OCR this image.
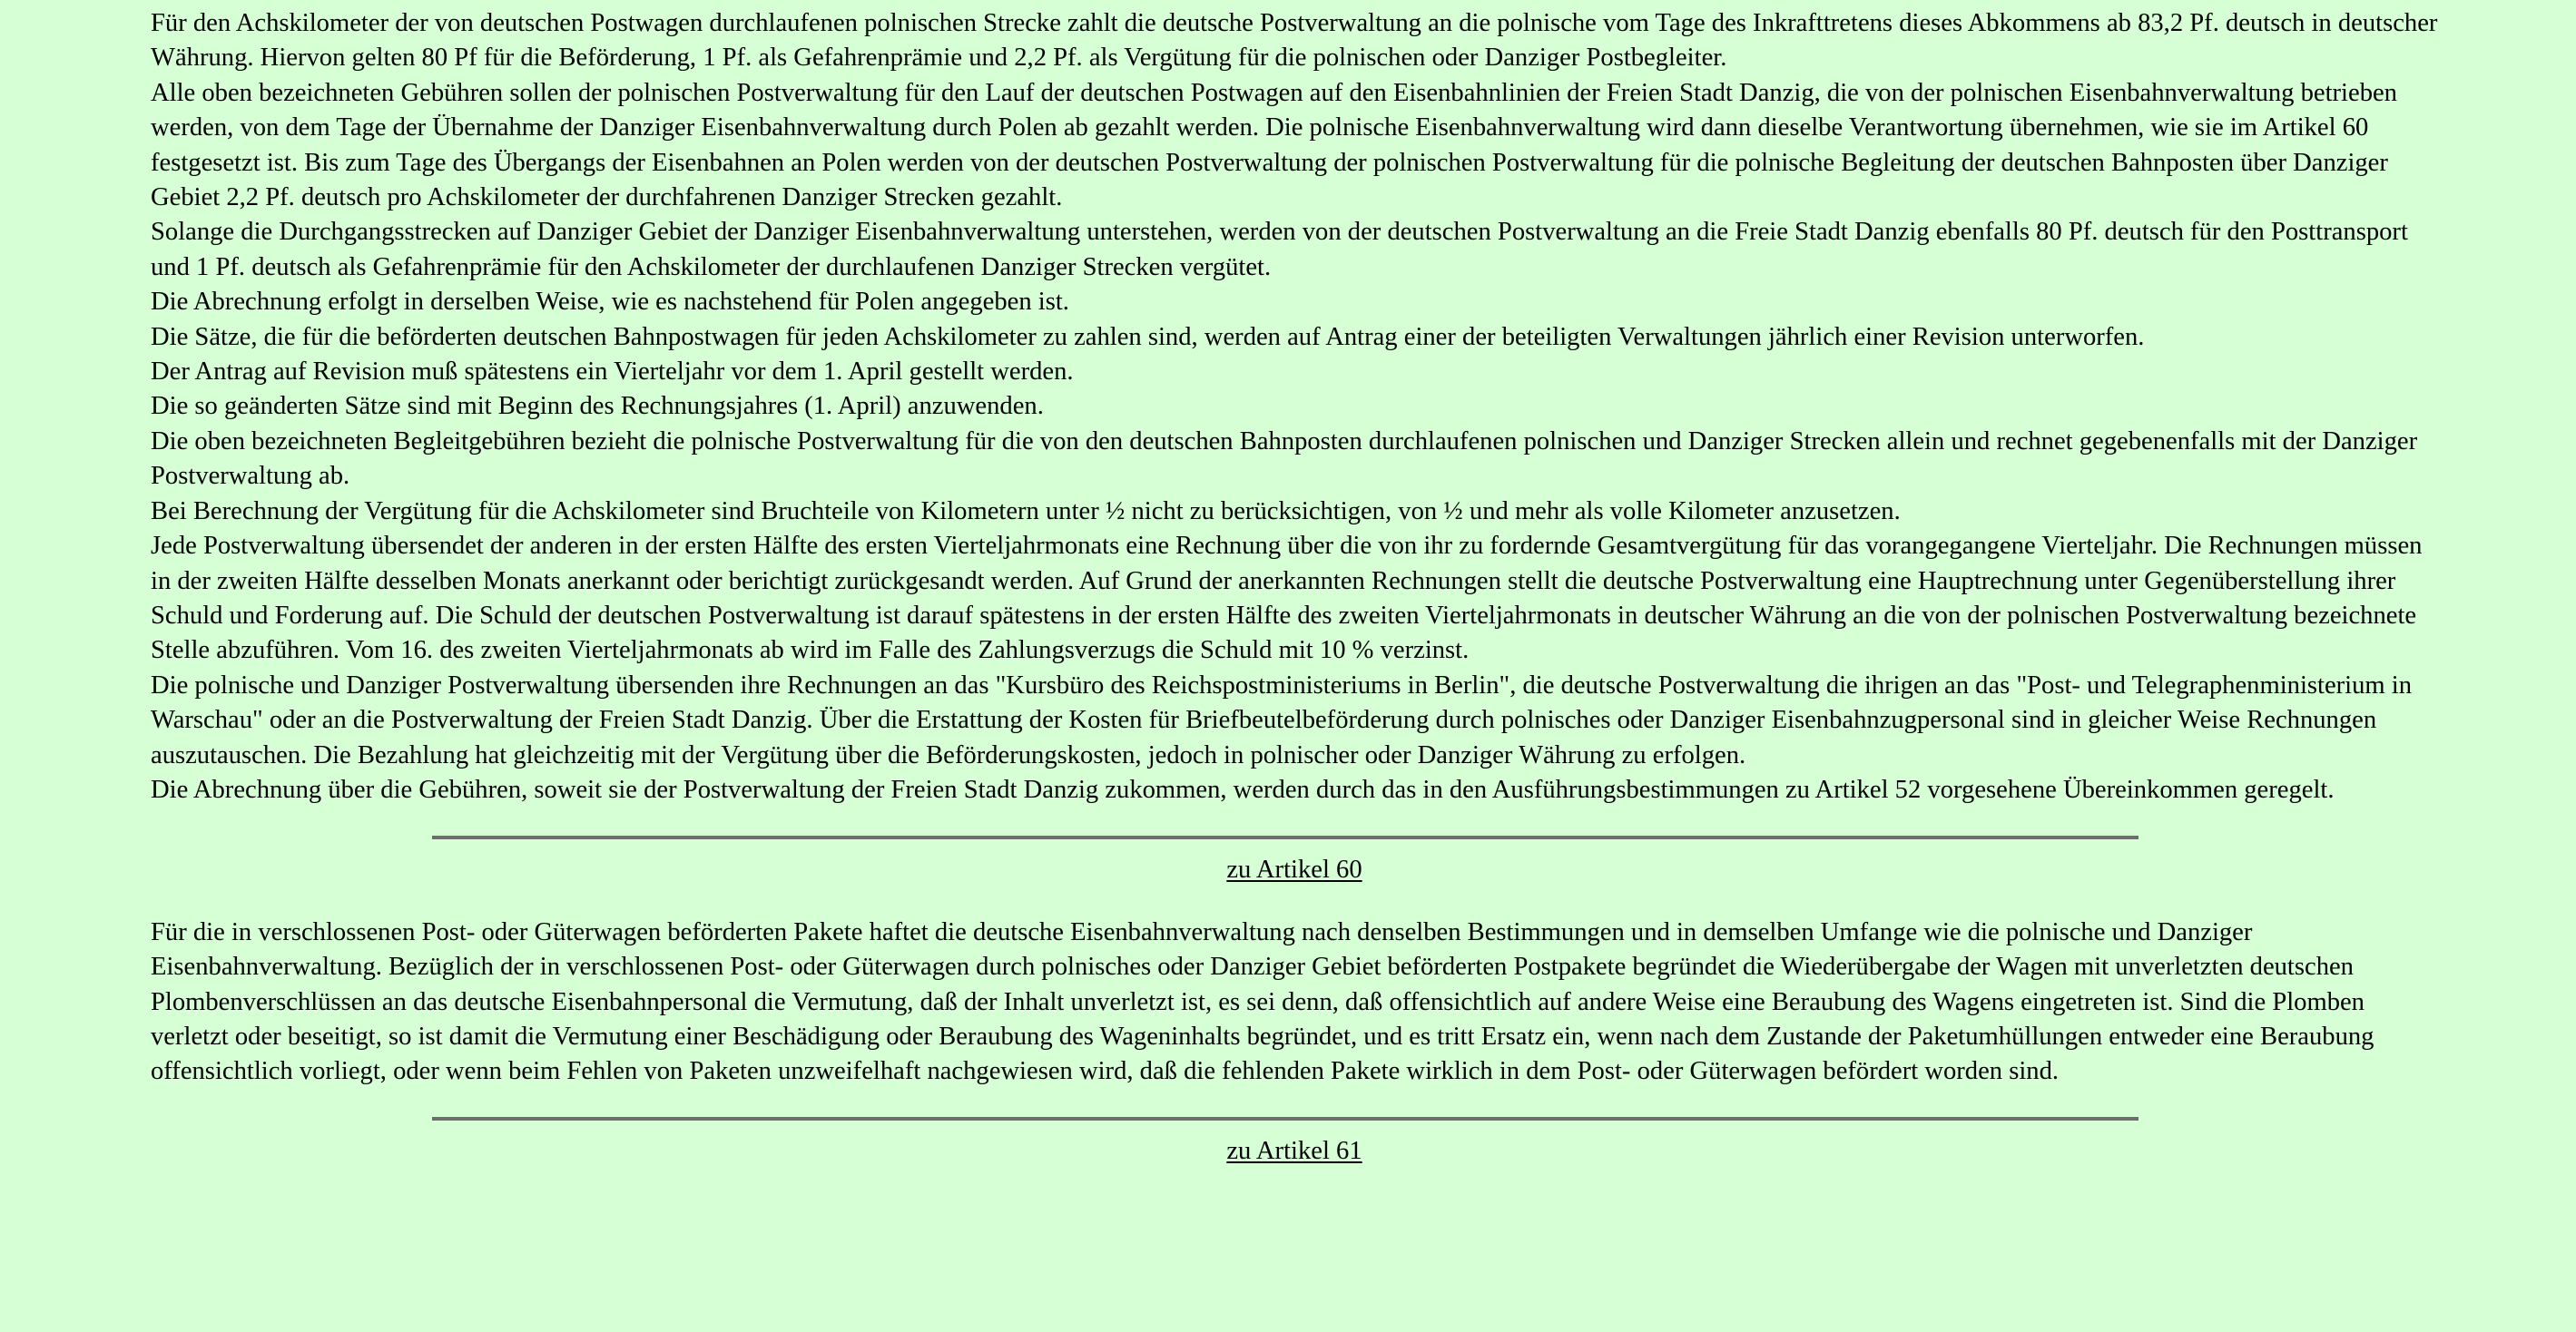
Für den Achskilometer der von deutschen Postwagen durchlaufenen polnischen Strecke zahlt die deutsche Postverwaltung an die polnische vom Tage des Inkrafttretens dieses Abkommens ab 83,2 Pf. deutsch in deutscher Währung. Hiervon gelten 80 Pf für die Beförderung, 1 Pf. als Gefahrenprämie und 2,2 Pf. als Vergütung für die polnischen oder Danziger Postbegleiter.

Alle oben bezeichneten Gebühren sollen der polnischen Postverwaltung für den Lauf der deutschen Postwagen auf den Eisenbahnlinien der Freien Stadt Danzig, die von der polnischen Eisenbahnverwaltung betrieben werden, von dem Tage der Übernahme der Danziger Eisenbahnverwaltung durch Polen ab gezahlt werden. Die polnische Eisenbahnverwaltung wird dann dieselbe Verantwortung übernehmen, wie sie im Artikel 60 festgesetzt ist. Bis zum Tage des Übergangs der Eisenbahnen an Polen werden von der deutschen Postverwaltung der polnischen Postverwaltung für die polnische Begleitung der deutschen Bahnposten über Danziger Gebiet 2,2 Pf. deutsch pro Achskilometer der durchfahrenen Danziger Strecken gezahlt.

Solange die Durchgangsstrecken auf Danziger Gebiet der Danziger Eisenbahnverwaltung unterstehen, werden von der deutschen Postverwaltung an die Freie Stadt Danzig ebenfalls 80 Pf. deutsch für den Posttransport und 1 Pf. deutsch als Gefahrenprämie für den Achskilometer der durchlaufenen Danziger Strecken vergütet.

Die Abrechnung erfolgt in derselben Weise, wie es nachstehend für Polen angegeben ist.

Die Sätze, die für die beförderten deutschen Bahnpostwagen für jeden Achskilometer zu zahlen sind, werden auf Antrag einer der beteiligten Verwaltungen jährlich einer Revision unterworfen.

Der Antrag auf Revision muß spätestens ein Vierteljahr vor dem 1. April gestellt werden.

Die so geänderten Sätze sind mit Beginn des Rechnungsjahres (1. April) anzuwenden.

Die oben bezeichneten Begleitgebühren bezieht die polnische Postverwaltung für die von den deutschen Bahnposten durchlaufenen polnischen und Danziger Strecken allein und rechnet gegebenenfalls mit der Danziger Postverwaltung ab.

Bei Berechnung der Vergütung für die Achskilometer sind Bruchteile von Kilometern unter ½ nicht zu berücksichtigen, von ½ und mehr als volle Kilometer anzusetzen.

Jede Postverwaltung übersendet der anderen in der ersten Hälfte des ersten Vierteljahrmonats eine Rechnung über die von ihr zu fordernde Gesamtvergütung für das vorangegangene Vierteljahr. Die Rechnungen müssen in der zweiten Hälfte desselben Monats anerkannt oder berichtigt zurückgesandt werden. Auf Grund der anerkannten Rechnungen stellt die deutsche Postverwaltung eine Hauptrechnung unter Gegenüberstellung ihrer Schuld und Forderung auf. Die Schuld der deutschen Postverwaltung ist darauf spätestens in der ersten Hälfte des zweiten Vierteljahrmonats in deutscher Währung an die von der polnischen Postverwaltung bezeichnete Stelle abzuführen. Vom 16. des zweiten Vierteljahrmonats ab wird im Falle des Zahlungsverzugs die Schuld mit 10 % verzinst.

Die polnische und Danziger Postverwaltung übersenden ihre Rechnungen an das "Kursbüro des Reichspostministeriums in Berlin", die deutsche Postverwaltung die ihrigen an das "Post- und Telegraphenministerium in Warschau" oder an die Postverwaltung der Freien Stadt Danzig. Über die Erstattung der Kosten für Briefbeutelbeförderung durch polnisches oder Danziger Eisenbahnzugpersonal sind in gleicher Weise Rechnungen auszutauschen. Die Bezahlung hat gleichzeitig mit der Vergütung über die Beförderungskosten, jedoch in polnischer oder Danziger Währung zu erfolgen.

Die Abrechnung über die Gebühren, soweit sie der Postverwaltung der Freien Stadt Danzig zukommen, werden durch das in den Ausführungsbestimmungen zu Artikel 52 vorgesehene Übereinkommen geregelt.

zu Artikel 60

Für die in verschlossenen Post- oder Güterwagen beförderten Pakete haftet die deutsche Eisenbahnverwaltung nach denselben Bestimmungen und in demselben Umfange wie die polnische und Danziger Eisenbahnverwaltung. Bezüglich der in verschlossenen Post- oder Güterwagen durch polnisches oder Danziger Gebiet beförderten Postpakete begründet die Wiederübergabe der Wagen mit unverletzten deutschen Plombenverschlüssen an das deutsche Eisenbahnpersonal die Vermutung, daß der Inhalt unverletzt ist, es sei denn, daß offensichtlich auf andere Weise eine Beraubung des Wagens eingetreten ist. Sind die Plomben verletzt oder beseitigt, so ist damit die Vermutung einer Beschädigung oder Beraubung des Wageninhalts begründet, und es tritt Ersatz ein, wenn nach dem Zustande der Paketumhüllungen entweder eine Beraubung offensichtlich vorliegt, oder wenn beim Fehlen von Paketen unzweifelhaft nachgewiesen wird, daß die fehlenden Pakete wirklich in dem Post- oder Güterwagen befördert worden sind.

zu Artikel 61
